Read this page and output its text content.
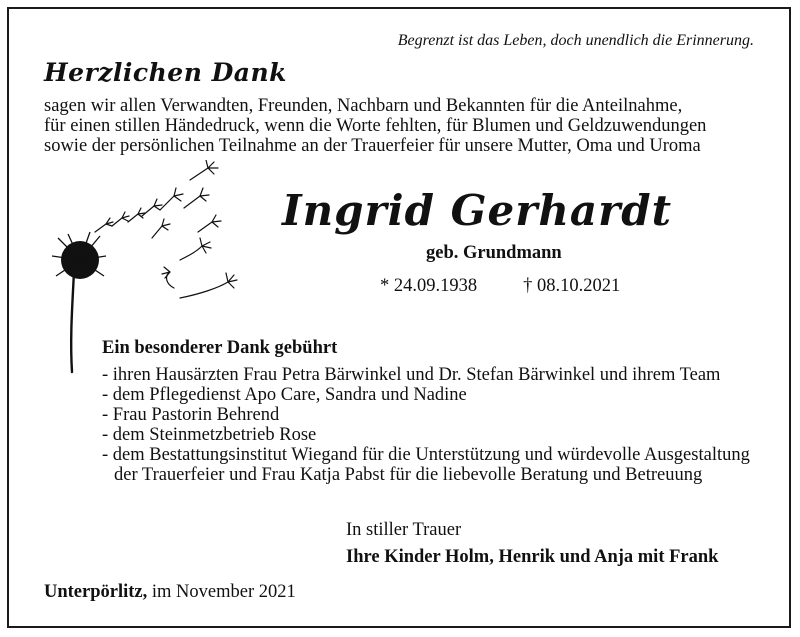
Begrenzt ist das Leben, doch unendlich die Erinnerung.

Herzlichen Dank

sagen wir allen Verwandten, Freunden, Nachbarn und Bekannten für die Anteilnahme,
für einen stillen Händedruck, wenn die Worte fehlten, für Blumen und Geldzuwendungen
sowie der persönlichen Teilnahme an der Trauerfeier für unsere Mutter, Oma und Uroma

Ingrid Gerhardt

geb. Grundmann

* 24.09.1938 † 08.10.2021

Ein besonderer Dank gebührt

- ihren Hausärzten Frau Petra Bärwinkel und Dr. Stefan Bärwinkel und ihrem Team
- dem Pflegedienst Apo Care, Sandra und Nadine
- Frau Pastorin Behrend
- dem Steinmetzbetrieb Rose
- dem Bestattungsinstitut Wiegand für die Unterstützung und würdevolle Ausgestaltung der Trauerfeier und Frau Katja Pabst für die liebevolle Beratung und Betreuung

In stiller Trauer

Ihre Kinder Holm, Henrik und Anja mit Frank

Unterpörlitz, im November 2021
